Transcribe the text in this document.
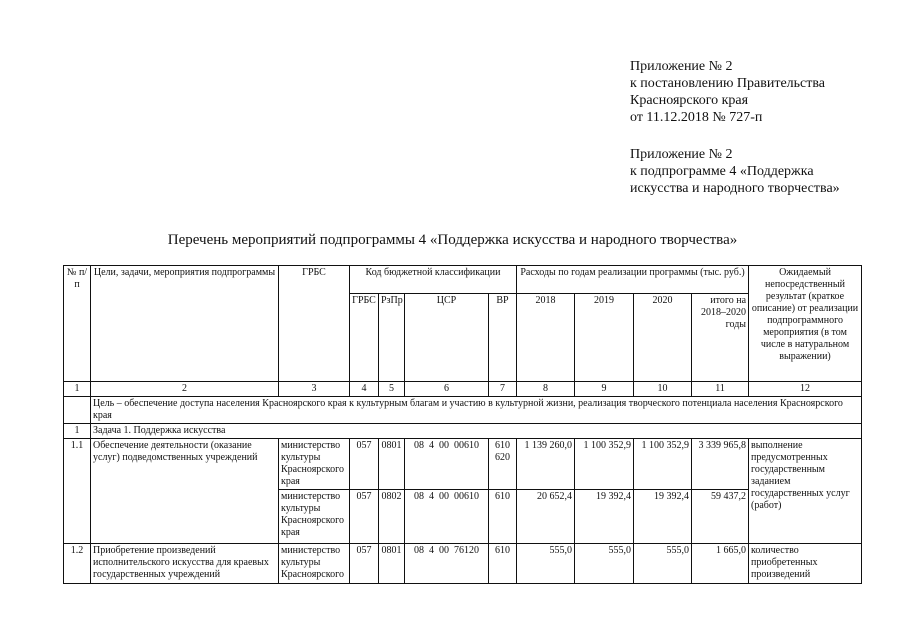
Приложение № 2
к постановлению Правительства
Красноярского края
от 11.12.2018 № 727-п
Приложение № 2
к подпрограмме 4 «Поддержка
искусства и народного творчества»
Перечень мероприятий подпрограммы 4 «Поддержка искусства и народного творчества»
№ п/п	Цели, задачи, мероприятия подпрограммы	ГРБС	Код бюджетной классификации				Расходы по годам реализации программы (тыс. руб.)				Ожидаемый непосредственный результат (краткое описание) от реализации подпрограммного мероприятия (в том числе в натуральном выражении)
			ГРБС	РзПр	ЦСР	ВР	2018	2019	2020	итого на 2018–2020 годы	
1	2	3	4	5	6	7	8	9	10	11	12
	Цель – обеспечение доступа населения Красноярского края к культурным благам и участию в культурной жизни, реализация творческого потенциала населения Красноярского края										
1	Задача 1. Поддержка искусства										
1.1	Обеспечение деятельности (оказание услуг) подведомственных учреждений	министерство культуры Красноярского края	057	0801	08  4  00  00610	610 620	1 139 260,0	1 100 352,9	1 100 352,9	3 339 965,8	выполнение предусмотренных государственным заданием государственных услуг (работ)
		министерство культуры Красноярского края	057	0802	08  4  00  00610	610	20 652,4	19 392,4	19 392,4	59 437,2	
1.2	Приобретение произведений исполнительского искусства для краевых государственных учреждений	министерство культуры Красноярского	057	0801	08  4  00  76120	610	555,0	555,0	555,0	1 665,0	количество приобретенных произведений
